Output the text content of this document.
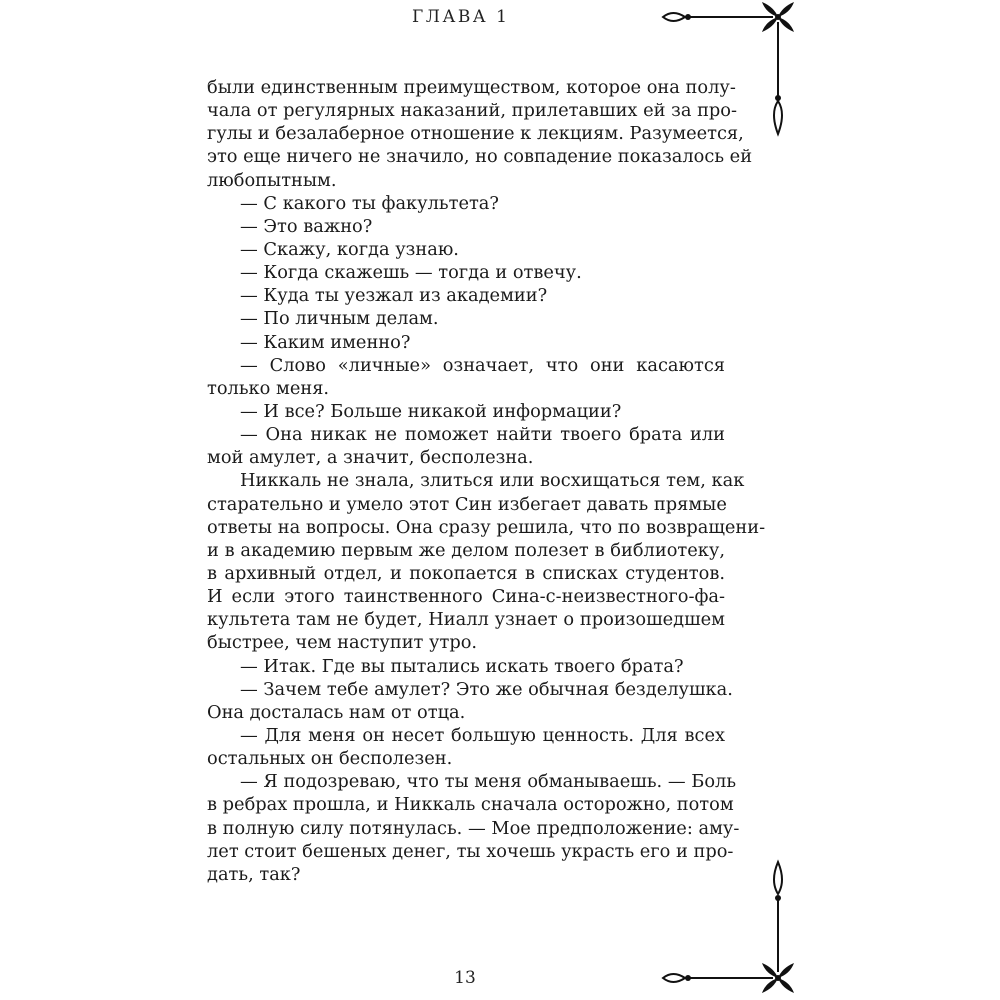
ГЛАВА 1
были единственным преимуществом, которое она полу-
чала от регулярных наказаний, прилетавших ей за про-
гулы и безалаберное отношение к лекциям. Разумеется,
это еще ничего не значило, но совпадение показалось ей
любопытным.
— С какого ты факультета?
— Это важно?
— Скажу, когда узнаю.
— Когда скажешь — тогда и отвечу.
— Куда ты уезжал из академии?
— По личным делам.
— Каким именно?
— Слово «личные» означает, что они касаются
только меня.
— И все? Больше никакой информации?
— Она никак не поможет найти твоего брата или
мой амулет, а значит, бесполезна.
Никкаль не знала, злиться или восхищаться тем, как
старательно и умело этот Син избегает давать прямые
ответы на вопросы. Она сразу решила, что по возвращени-
и в академию первым же делом полезет в библиотеку,
в архивный отдел, и покопается в списках студентов.
И если этого таинственного Сина-с-неизвестного-фа-
культета там не будет, Ниалл узнает о произошедшем
быстрее, чем наступит утро.
— Итак. Где вы пытались искать твоего брата?
— Зачем тебе амулет? Это же обычная безделушка.
Она досталась нам от отца.
— Для меня он несет большую ценность. Для всех
остальных он бесполезен.
— Я подозреваю, что ты меня обманываешь. — Боль
в ребрах прошла, и Никкаль сначала осторожно, потом
в полную силу потянулась. — Мое предположение: аму-
лет стоит бешеных денег, ты хочешь украсть его и про-
дать, так?
13
